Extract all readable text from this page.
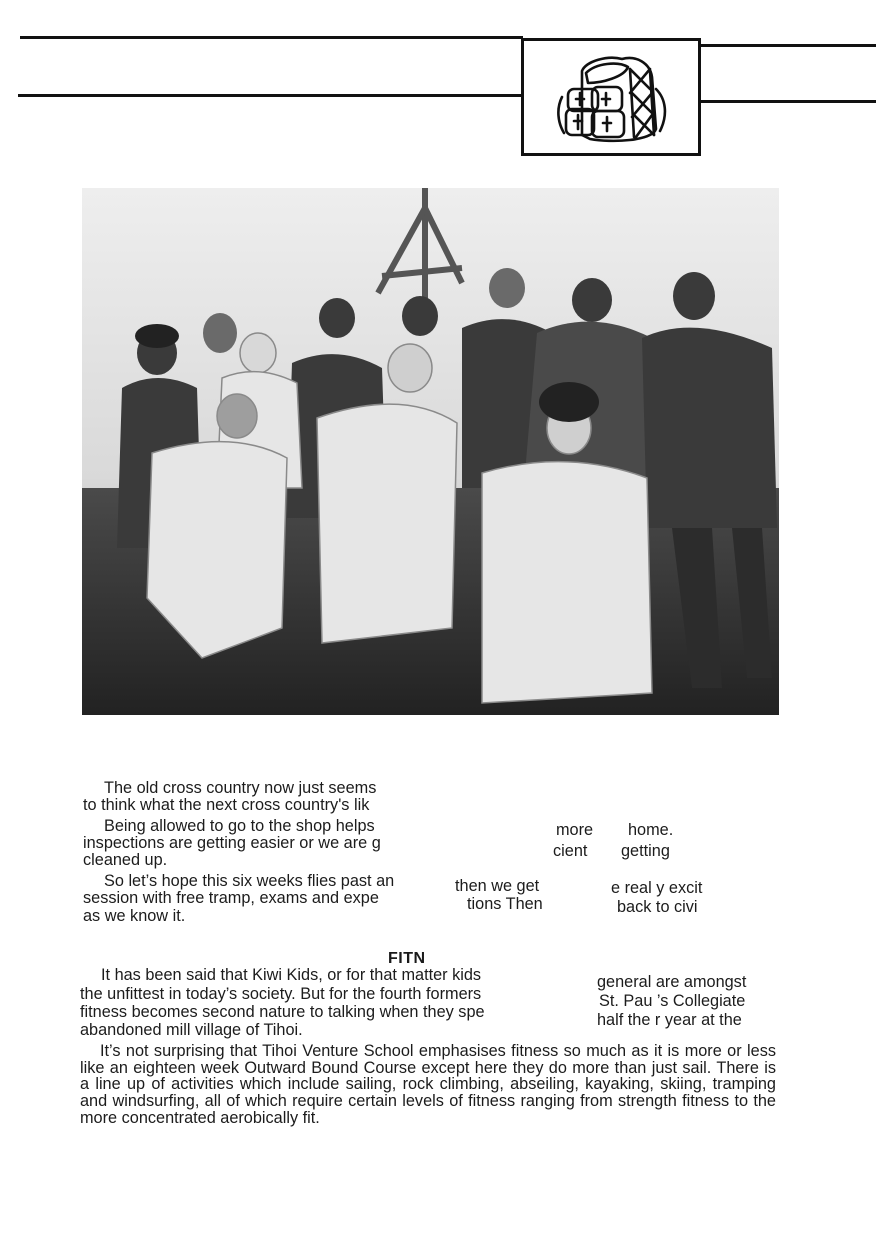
The old cross country now just seems
to think what the next cross country's lik
Being allowed to go to the shop helps	more home.
inspections are getting easier or we are g	cient getting
cleaned up.
So let’s hope this six weeks flies past an	then we get	e real y excit
session with free tramp, exams and expe	tions Then	back to civi
as we know it.
FITN
It has been said that Kiwi Kids, or for that matter kids	general are amongst
the unfittest in today’s society. But for the fourth formers	St. Pau ’s Collegiate
fitness becomes second nature to talking when they spe	half the r year at the
abandoned mill village of Tihoi.
It’s not surprising that Tihoi Venture School emphasises fitness so much as it is more or less like an eighteen week Outward Bound Course except here they do more than just sail. There is a line up of activities which include sailing, rock climbing, abseiling, kayaking, skiing, tramping and windsurfing, all of which require certain levels of fitness ranging from strength fitness to the more concentrated aerobically fit.
